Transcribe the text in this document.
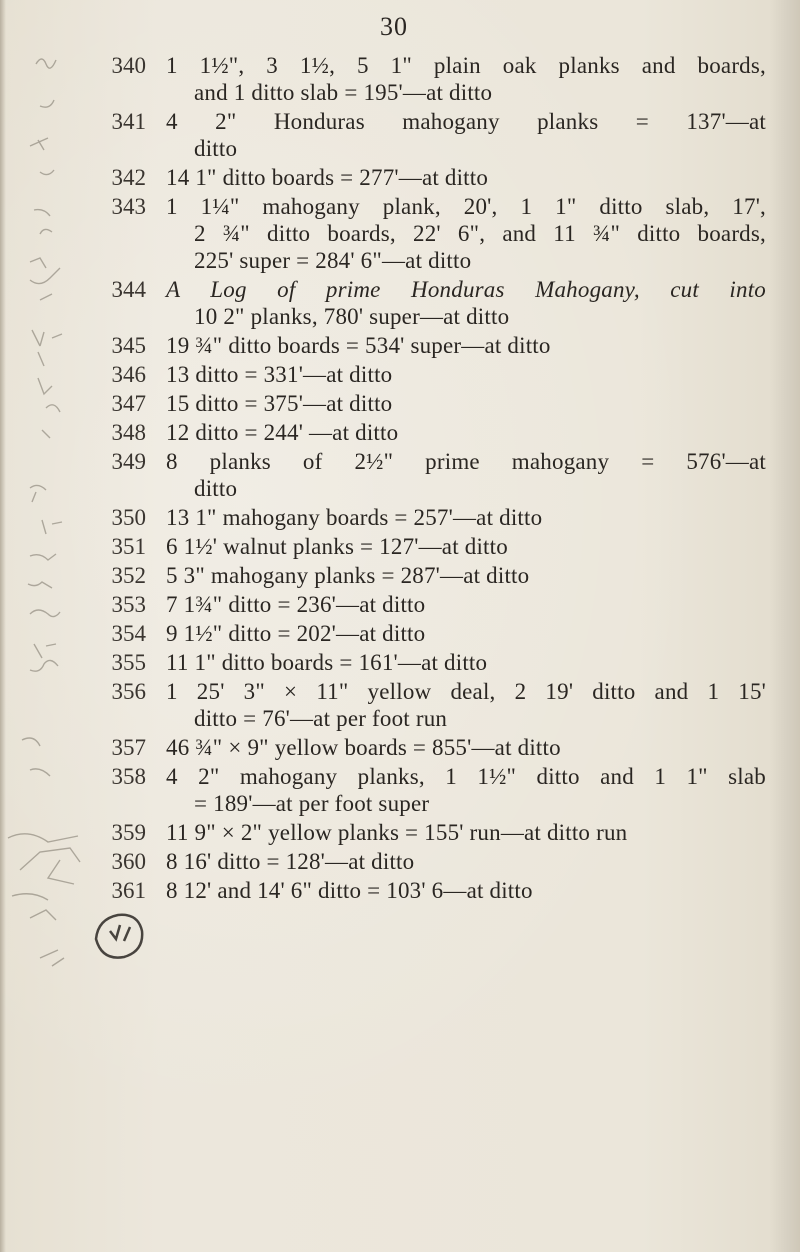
30
340 1 1½", 3 1½, 5 1" plain oak planks and boards,
and 1 ditto slab = 195'—at ditto
341 4 2" Honduras mahogany planks = 137'—at
ditto
342 14 1" ditto boards = 277'—at ditto
343 1 1¼" mahogany plank, 20', 1 1" ditto slab, 17',
2 ¾" ditto boards, 22' 6", and 11 ¾" ditto boards,
225' super = 284' 6"—at ditto
344 A Log of prime Honduras Mahogany, cut into
10 2" planks, 780' super—at ditto
345 19 ¾" ditto boards = 534' super—at ditto
346 13 ditto = 331'—at ditto
347 15 ditto = 375'—at ditto
348 12 ditto = 244' —at ditto
349 8 planks of 2½" prime mahogany = 576'—at
ditto
350 13 1" mahogany boards = 257'—at ditto
351 6 1½' walnut planks = 127'—at ditto
352 5 3" mahogany planks = 287'—at ditto
353 7 1¾" ditto = 236'—at ditto
354 9 1½" ditto = 202'—at ditto
355 11 1" ditto boards = 161'—at ditto
356 1 25' 3" × 11" yellow deal, 2 19' ditto and 1 15'
ditto = 76'—at per foot run
357 46 ¾" × 9" yellow boards = 855'—at ditto
358 4 2" mahogany planks, 1 1½" ditto and 1 1" slab
= 189'—at per foot super
359 11 9" × 2" yellow planks = 155' run—at ditto run
360 8 16' ditto = 128'—at ditto
361 8 12' and 14' 6" ditto = 103' 6—at ditto
